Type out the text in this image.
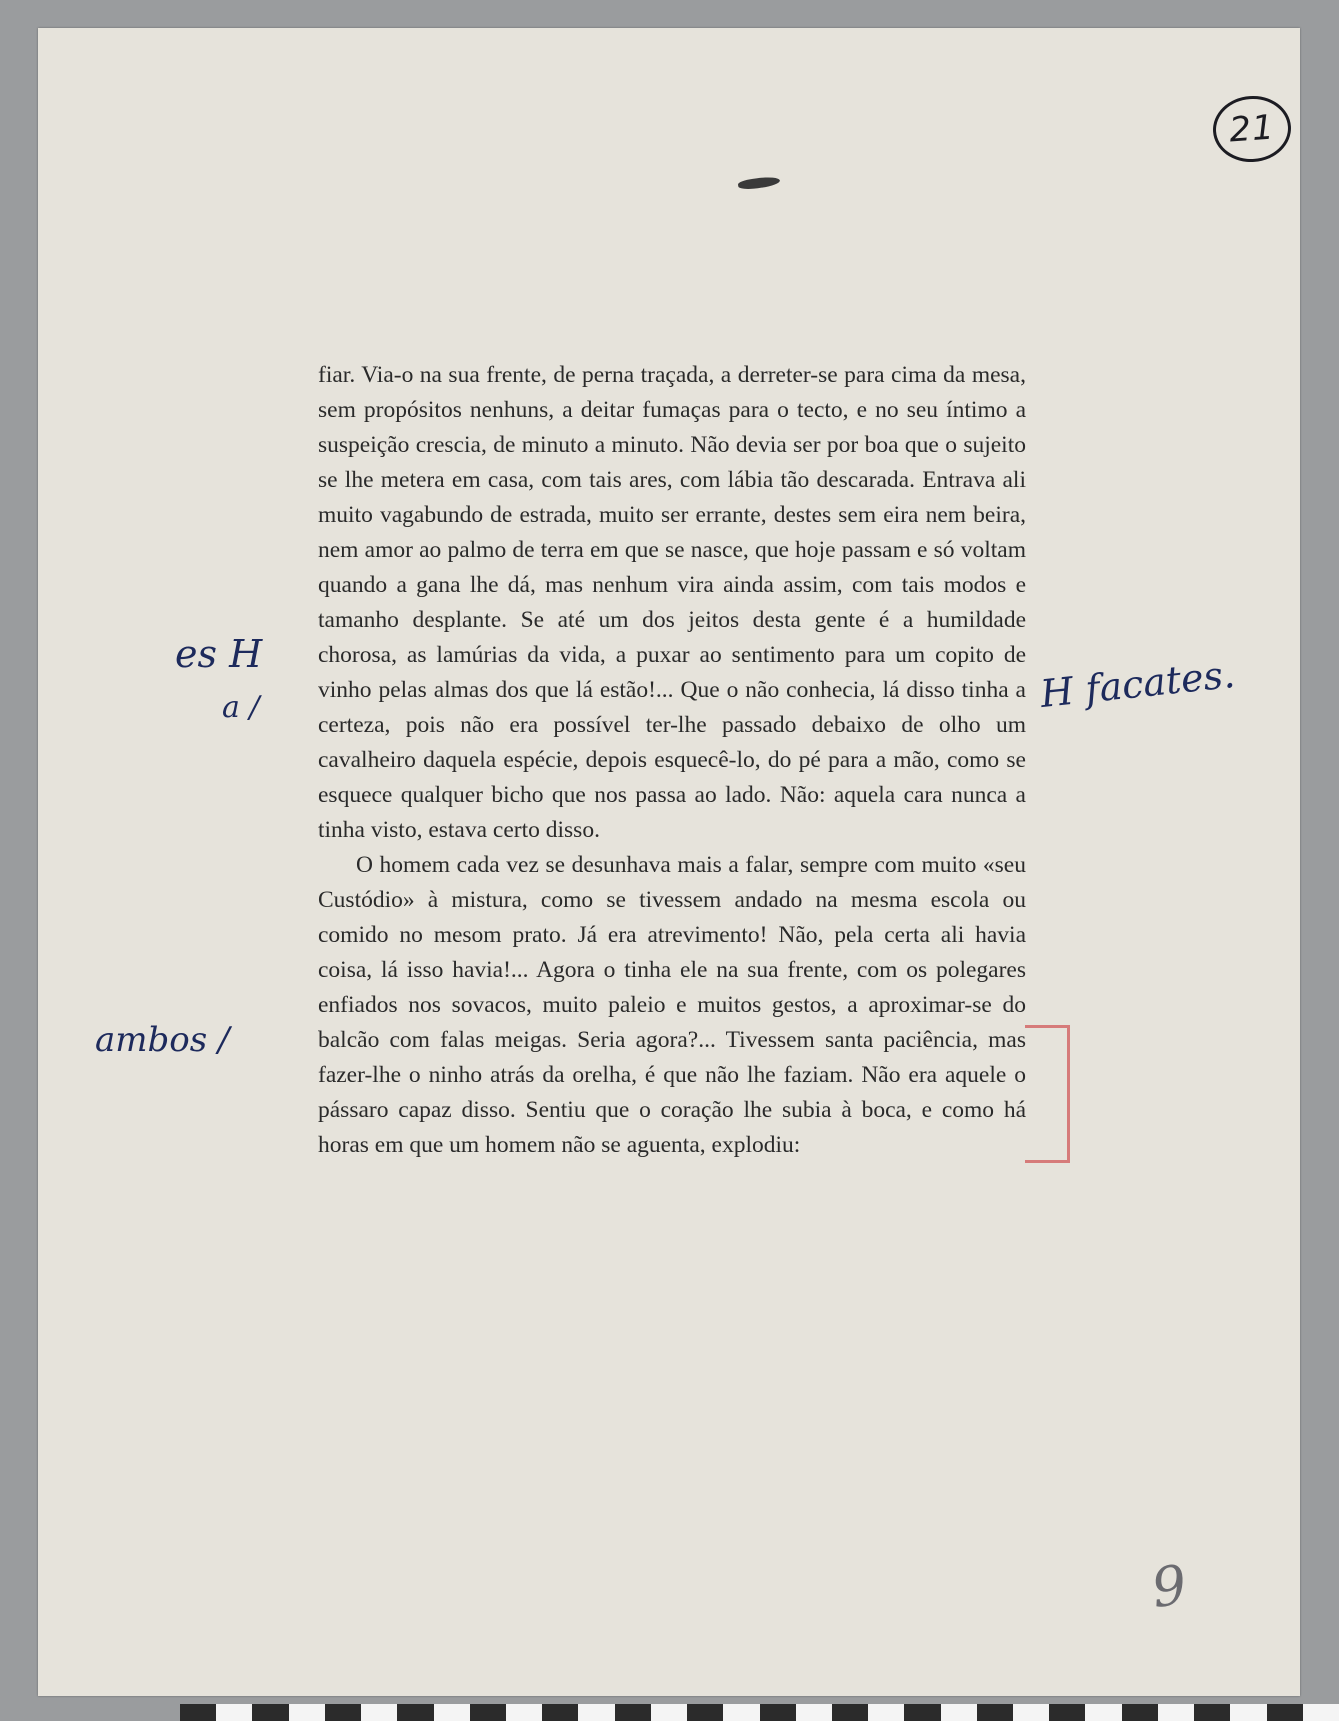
21

fiar. Via-o na sua frente, de perna traçada, a derreter-se para cima da mesa, sem propósitos nenhuns, a deitar fumaças para o tecto, e no seu íntimo a suspeição crescia, de minuto a minuto. Não devia ser por boa que o sujeito se lhe metera em casa, com tais ares, com lábia tão descarada. Entrava ali muito vagabundo de estrada, muito ser errante, destes sem eira nem beira, nem amor ao palmo de terra em que se nasce, que hoje passam e só voltam quando a gana lhe dá, mas nenhum vira ainda assim, com tais modos e tamanho desplante. Se até um dos jeitos desta gente é a humildade chorosa, as lamúrias da vida, a puxar ao sentimento para um copito de vinho pelas almas dos que lá estão!... Que o não conhecia, lá disso tinha a certeza, pois não era possível ter-lhe passado debaixo de olho um cavalheiro daquela espécie, depois esquecê-lo, do pé para a mão, como se esquece qualquer bicho que nos passa ao lado. Não: aquela cara nunca a tinha visto, estava certo disso.

O homem cada vez se desunhava mais a falar, sempre com muito «seu Custódio» à mistura, como se tivessem andado na mesma escola ou comido no mesom prato. Já era atrevimento! Não, pela certa ali havia coisa, lá isso havia!... Agora o tinha ele na sua frente, com os polegares enfiados nos sovacos, muito paleio e muitos gestos, a aproximar-se do balcão com falas meigas. Seria agora?... Tivessem santa paciência, mas fazer-lhe o ninho atrás da orelha, é que não lhe faziam. Não era aquele o pássaro capaz disso. Sentiu que o coração lhe subia à boca, e como há horas em que um homem não se aguenta, explodiu:

es H
a /	H facates.
ambos /
9
